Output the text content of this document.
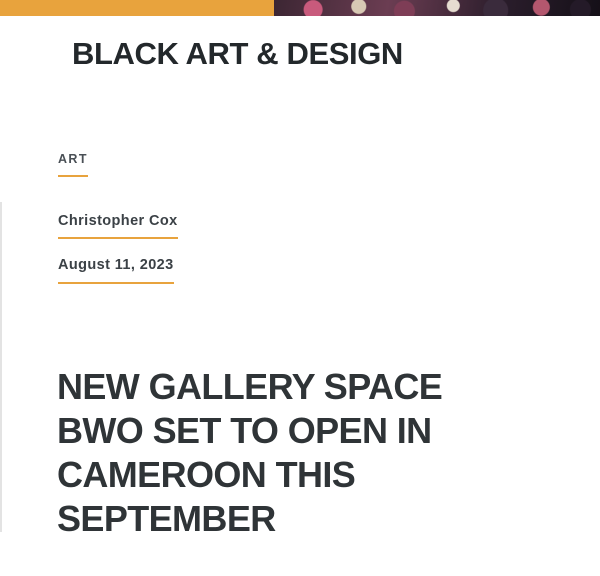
BLACK ART & DESIGN
ART
Christopher Cox
August 11, 2023
NEW GALLERY SPACE BWO SET TO OPEN IN CAMEROON THIS SEPTEMBER
